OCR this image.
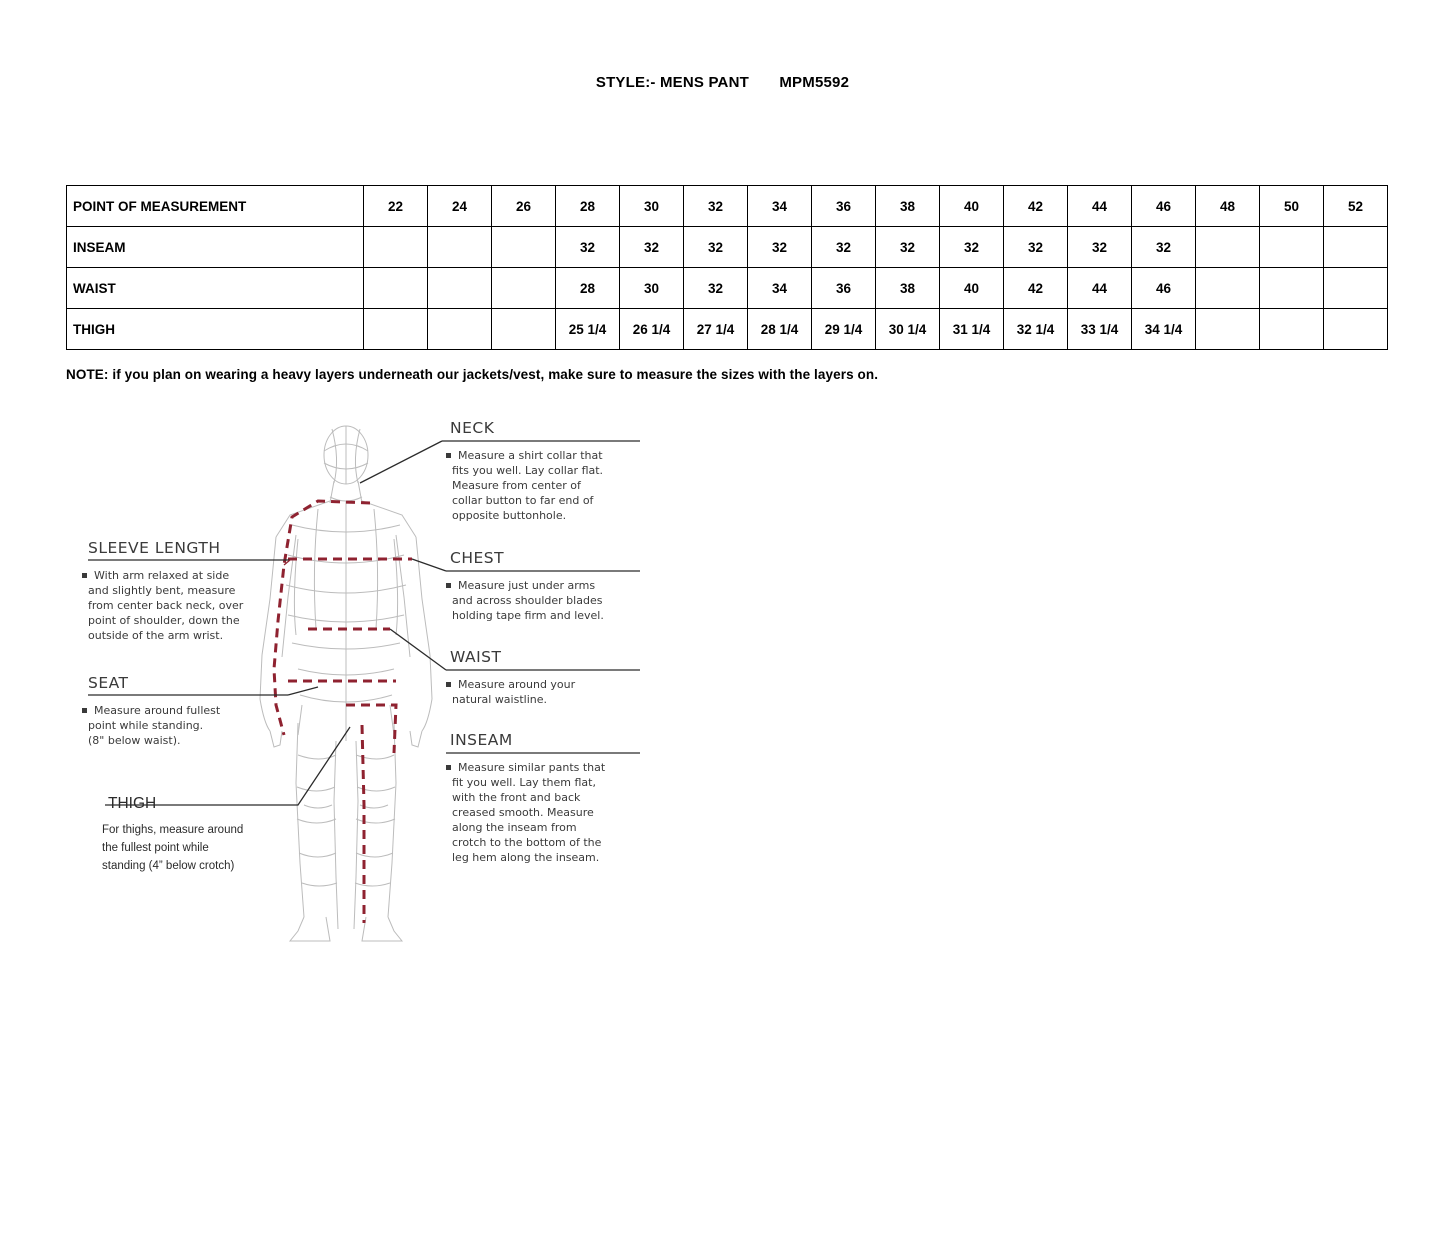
STYLE:- MENS PANT MPM5592
POINT OF MEASUREMENT	22	24	26	28	30	32	34	36	38	40	42	44	46	48	50	52
INSEAM				32	32	32	32	32	32	32	32	32	32			
WAIST				28	30	32	34	36	38	40	42	44	46			
THIGH				25 1/4	26 1/4	27 1/4	28 1/4	29 1/4	30 1/4	31 1/4	32 1/4	33 1/4	34 1/4			
NOTE: if you plan on wearing a heavy layers underneath our jackets/vest, make sure to measure the sizes with the layers on.
NECK
Measure a shirt collar that
fits you well. Lay collar flat.
Measure from center of
collar button to far end of
opposite buttonhole.
CHEST
Measure just under arms
and across shoulder blades
holding tape firm and level.
WAIST
Measure around your
natural waistline.
INSEAM
Measure similar pants that
fit you well. Lay them flat,
with the front and back
creased smooth. Measure
along the inseam from
crotch to the bottom of the
leg hem along the inseam.
SLEEVE LENGTH
With arm relaxed at side
and slightly bent, measure
from center back neck, over
point of shoulder, down the
outside of the arm wrist.
SEAT
Measure around fullest
point while standing.
(8" below waist).
THIGH
For thighs, measure around
the fullest point while
standing (4” below crotch)
